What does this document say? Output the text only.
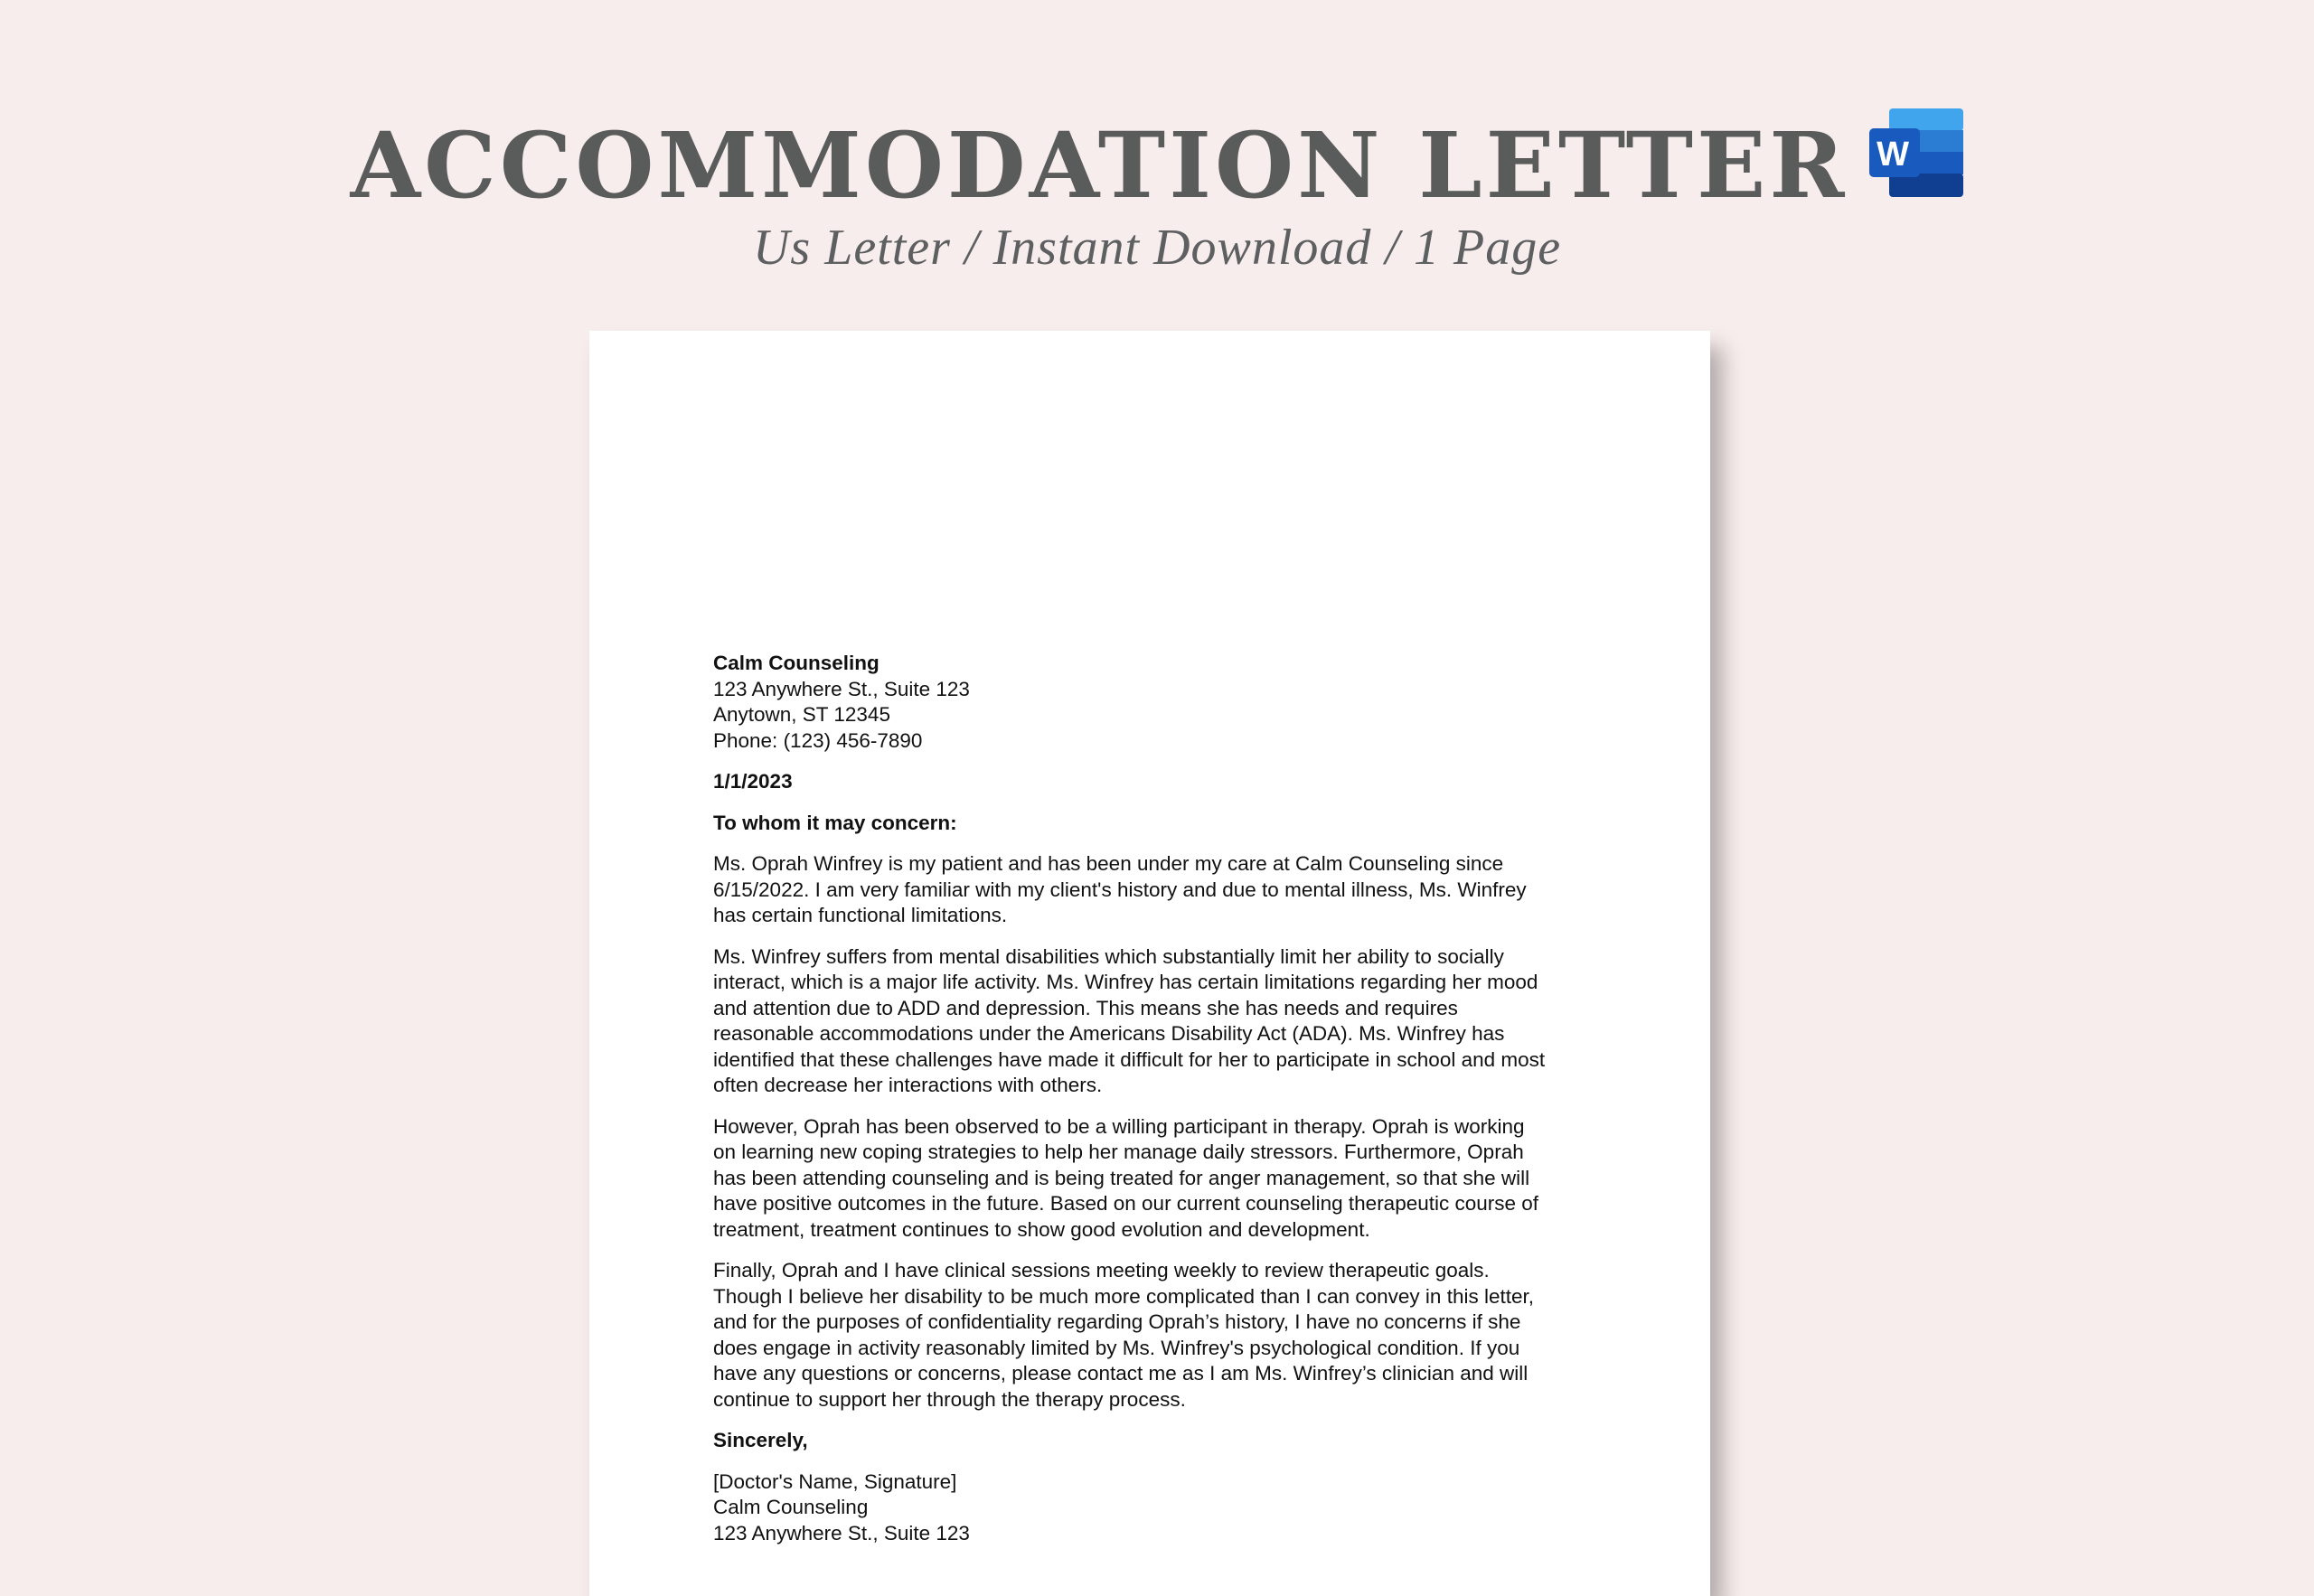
ACCOMMODATION LETTER W
Us Letter / Instant Download / 1 Page

Calm Counseling
123 Anywhere St., Suite 123
Anytown, ST 12345
Phone: (123) 456-7890

1/1/2023

To whom it may concern:

Ms. Oprah Winfrey is my patient and has been under my care at Calm Counseling since
6/15/2022. I am very familiar with my client's history and due to mental illness, Ms. Winfrey
has certain functional limitations.

Ms. Winfrey suffers from mental disabilities which substantially limit her ability to socially
interact, which is a major life activity. Ms. Winfrey has certain limitations regarding her mood
and attention due to ADD and depression. This means she has needs and requires
reasonable accommodations under the Americans Disability Act (ADA). Ms. Winfrey has
identified that these challenges have made it difficult for her to participate in school and most
often decrease her interactions with others.

However, Oprah has been observed to be a willing participant in therapy. Oprah is working
on learning new coping strategies to help her manage daily stressors. Furthermore, Oprah
has been attending counseling and is being treated for anger management, so that she will
have positive outcomes in the future. Based on our current counseling therapeutic course of
treatment, treatment continues to show good evolution and development.

Finally, Oprah and I have clinical sessions meeting weekly to review therapeutic goals.
Though I believe her disability to be much more complicated than I can convey in this letter,
and for the purposes of confidentiality regarding Oprah’s history, I have no concerns if she
does engage in activity reasonably limited by Ms. Winfrey's psychological condition. If you
have any questions or concerns, please contact me as I am Ms. Winfrey’s clinician and will
continue to support her through the therapy process.

Sincerely,

[Doctor's Name, Signature]
Calm Counseling
123 Anywhere St., Suite 123
